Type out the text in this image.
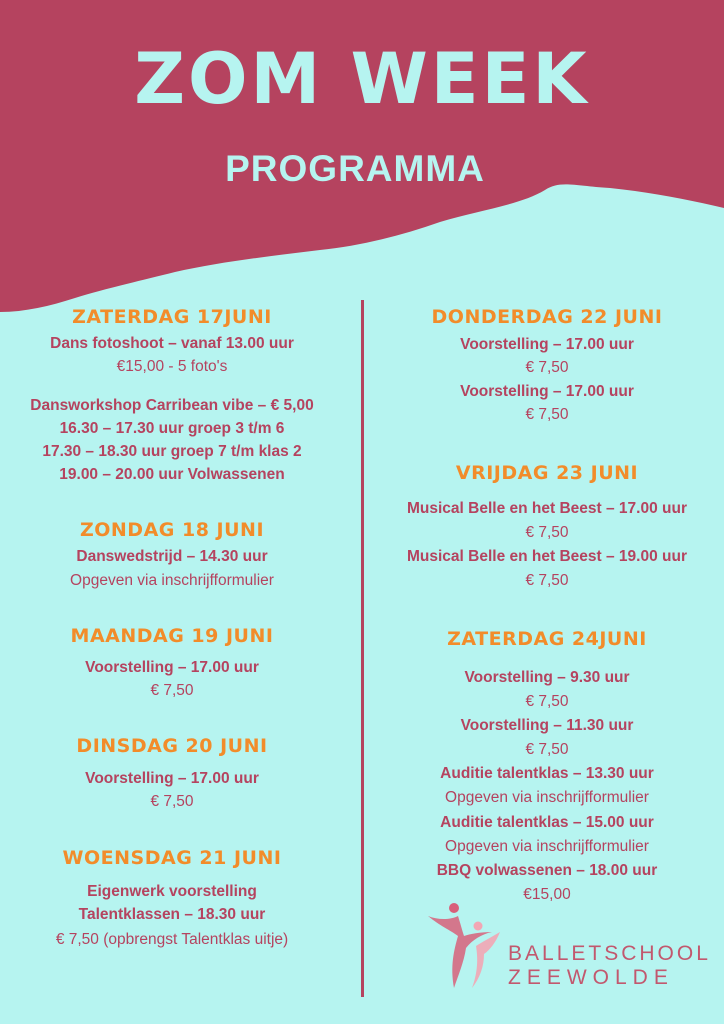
ZOM WEEK
PROGRAMMA
ZATERDAG 17JUNI
Dans fotoshoot – vanaf 13.00 uur
€15,00 - 5 foto's
Dansworkshop Carribean vibe – € 5,00
16.30 – 17.30 uur groep 3 t/m 6
17.30 – 18.30 uur groep 7 t/m klas 2
19.00 – 20.00 uur Volwassenen
ZONDAG 18 JUNI
Danswedstrijd – 14.30 uur
Opgeven via inschrijfformulier
MAANDAG 19 JUNI
Voorstelling – 17.00 uur
€ 7,50
DINSDAG 20 JUNI
Voorstelling – 17.00 uur
€ 7,50
WOENSDAG 21 JUNI
Eigenwerk voorstelling
Talentklassen – 18.30 uur
€ 7,50 (opbrengst Talentklas uitje)
DONDERDAG 22 JUNI
Voorstelling – 17.00 uur
€ 7,50
Voorstelling – 17.00 uur
€ 7,50
VRIJDAG 23 JUNI
Musical Belle en het Beest – 17.00 uur
€ 7,50
Musical Belle en het Beest – 19.00 uur
€ 7,50
ZATERDAG 24JUNI
Voorstelling – 9.30 uur
€ 7,50
Voorstelling – 11.30 uur
€ 7,50
Auditie talentklas – 13.30 uur
Opgeven via inschrijfformulier
Auditie talentklas – 15.00 uur
Opgeven via inschrijfformulier
BBQ volwassenen – 18.00 uur
€15,00
BALLETSCHOOL
ZEEWOLDE
